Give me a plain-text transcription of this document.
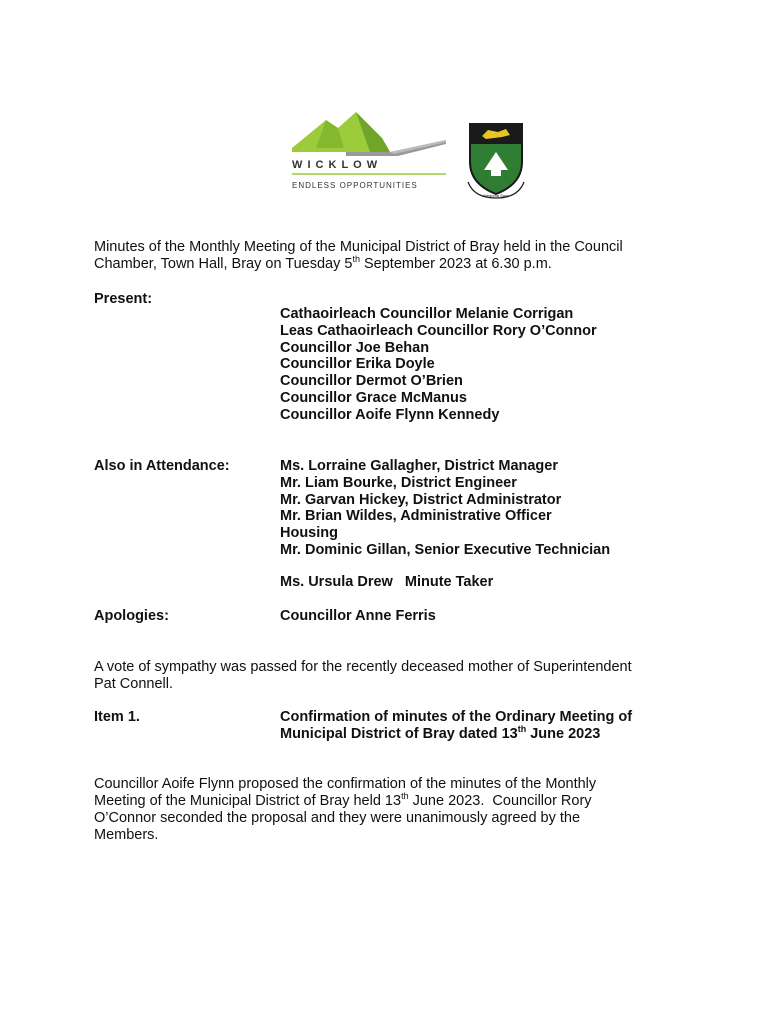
W I C K L O W
ENDLESS OPPORTUNITIES
Meanma Saor
Minutes of the Monthly Meeting of the Municipal District of Bray held in the Council
Chamber, Town Hall, Bray on Tuesday 5th September 2023 at 6.30 p.m.
Present:
Cathaoirleach Councillor Melanie Corrigan
Leas Cathaoirleach Councillor Rory O’Connor
Councillor Joe Behan
Councillor Erika Doyle
Councillor Dermot O’Brien
Councillor Grace McManus
Councillor Aoife Flynn Kennedy
Also in Attendance:	Ms. Lorraine Gallagher, District Manager
Mr. Liam Bourke, District Engineer
Mr. Garvan Hickey, District Administrator
Mr. Brian Wildes, Administrative Officer
Housing
Mr. Dominic Gillan, Senior Executive Technician
Ms. Ursula Drew   Minute Taker
Apologies:	Councillor Anne Ferris
A vote of sympathy was passed for the recently deceased mother of Superintendent
Pat Connell.
Item 1.	Confirmation of minutes of the Ordinary Meeting of
Municipal District of Bray dated 13th June 2023
Councillor Aoife Flynn proposed the confirmation of the minutes of the Monthly
Meeting of the Municipal District of Bray held 13th June 2023.  Councillor Rory
O’Connor seconded the proposal and they were unanimously agreed by the
Members.
